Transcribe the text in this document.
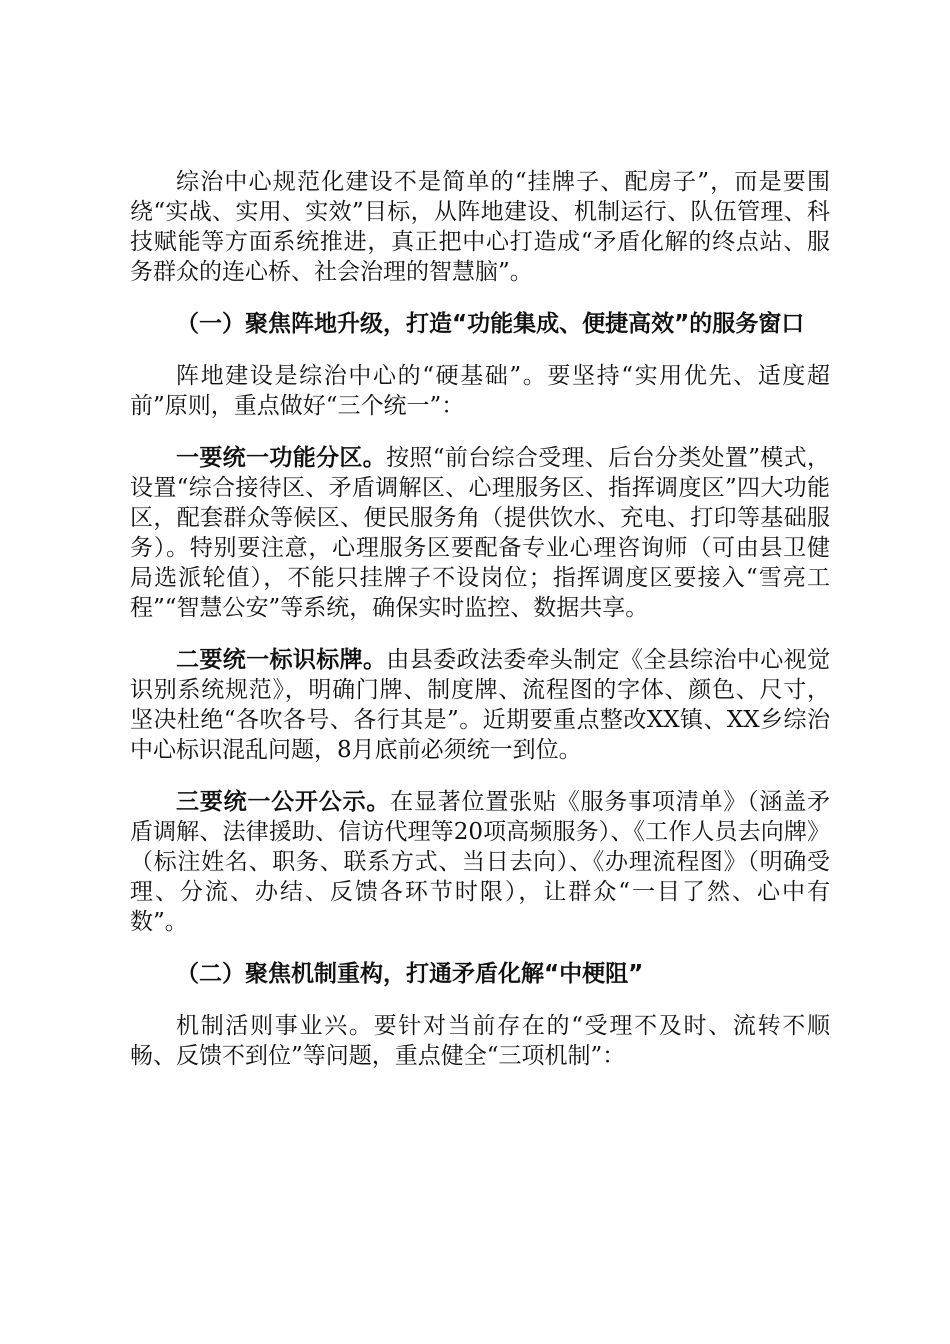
综治中心规范化建设不是简单的“挂牌子、配房子”，而是要围绕“实战、实用、实效”目标，从阵地建设、机制运行、队伍管理、科技赋能等方面系统推进，真正把中心打造成“矛盾化解的终点站、服务群众的连心桥、社会治理的智慧脑”。

（一）聚焦阵地升级，打造“功能集成、便捷高效”的服务窗口

阵地建设是综治中心的“硬基础”。要坚持“实用优先、适度超前”原则，重点做好“三个统一”：

一要统一功能分区。按照“前台综合受理、后台分类处置”模式，设置“综合接待区、矛盾调解区、心理服务区、指挥调度区”四大功能区，配套群众等候区、便民服务角（提供饮水、充电、打印等基础服务）。特别要注意，心理服务区要配备专业心理咨询师（可由县卫健局选派轮值），不能只挂牌子不设岗位；指挥调度区要接入“雪亮工程”“智慧公安”等系统，确保实时监控、数据共享。

二要统一标识标牌。由县委政法委牵头制定《全县综治中心视觉识别系统规范》，明确门牌、制度牌、流程图的字体、颜色、尺寸，坚决杜绝“各吹各号、各行其是”。近期要重点整改XX镇、XX乡综治中心标识混乱问题，8月底前必须统一到位。

三要统一公开公示。在显著位置张贴《服务事项清单》（涵盖矛盾调解、法律援助、信访代理等20项高频服务）、《工作人员去向牌》（标注姓名、职务、联系方式、当日去向）、《办理流程图》（明确受理、分流、办结、反馈各环节时限），让群众“一目了然、心中有数”。

（二）聚焦机制重构，打通矛盾化解“中梗阻”

机制活则事业兴。要针对当前存在的“受理不及时、流转不顺畅、反馈不到位”等问题，重点健全“三项机制”：
